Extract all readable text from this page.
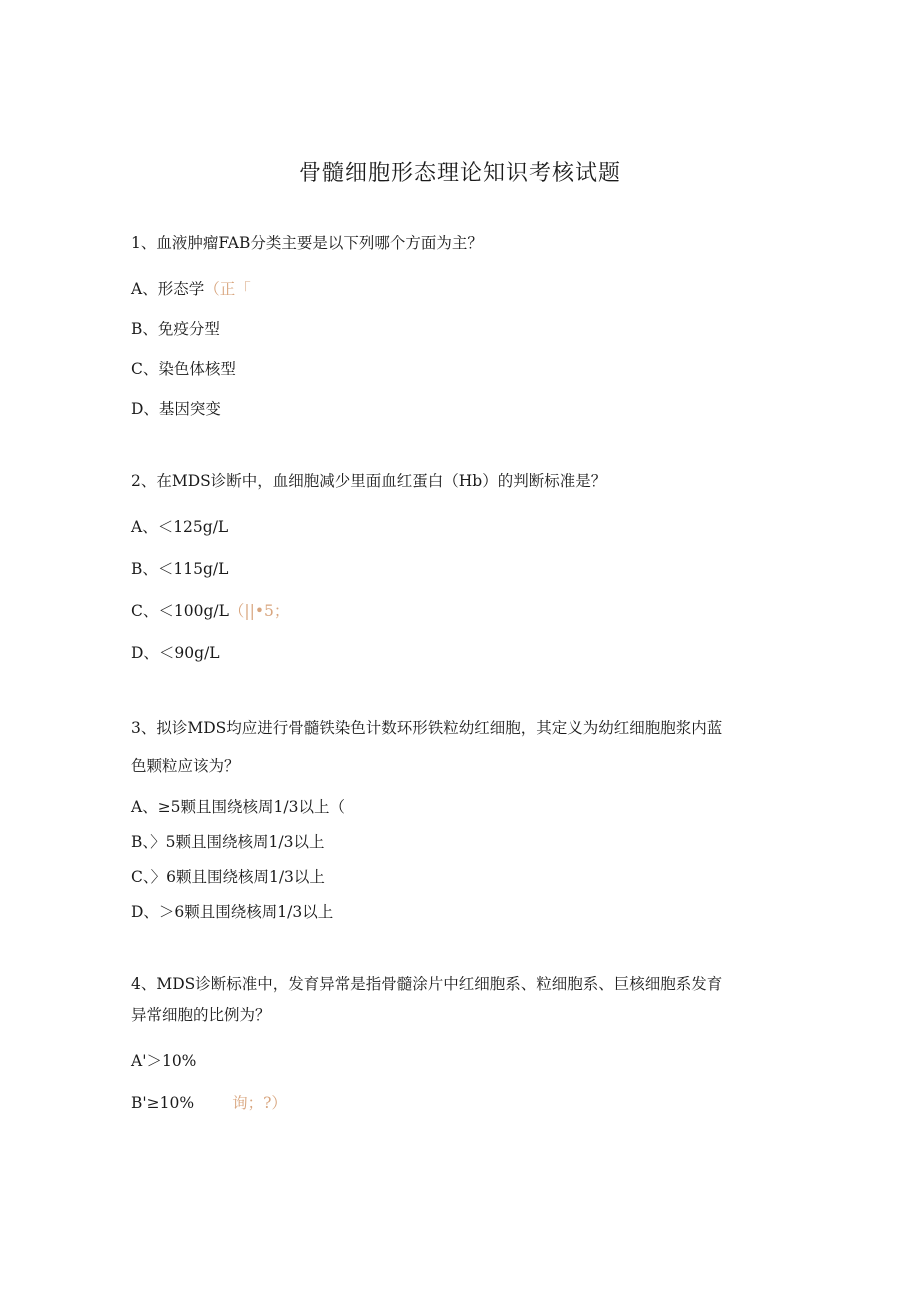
骨髓细胞形态理论知识考核试题
1、血液肿瘤FAB分类主要是以下列哪个方面为主？
A、形态学（正「
B、免疫分型
C、染色体核型
D、基因突变
2、在MDS诊断中，血细胞减少里面血红蛋白（Hb）的判断标准是？
A、＜125g/L
B、＜115g/L
C、＜100g/L（||•5；
D、＜90g/L
3、拟诊MDS均应进行骨髓铁染色计数环形铁粒幼红细胞，其定义为幼红细胞胞浆内蓝
色颗粒应该为？
A、≥5颗且围绕核周1/3以上（
B、〉5颗且围绕核周1/3以上
C、〉6颗且围绕核周1/3以上
D、＞6颗且围绕核周1/3以上
4、MDS诊断标准中，发育异常是指骨髓涂片中红细胞系、粒细胞系、巨核细胞系发育
异常细胞的比例为？
A'＞10%
B'≥10% 询；?）
